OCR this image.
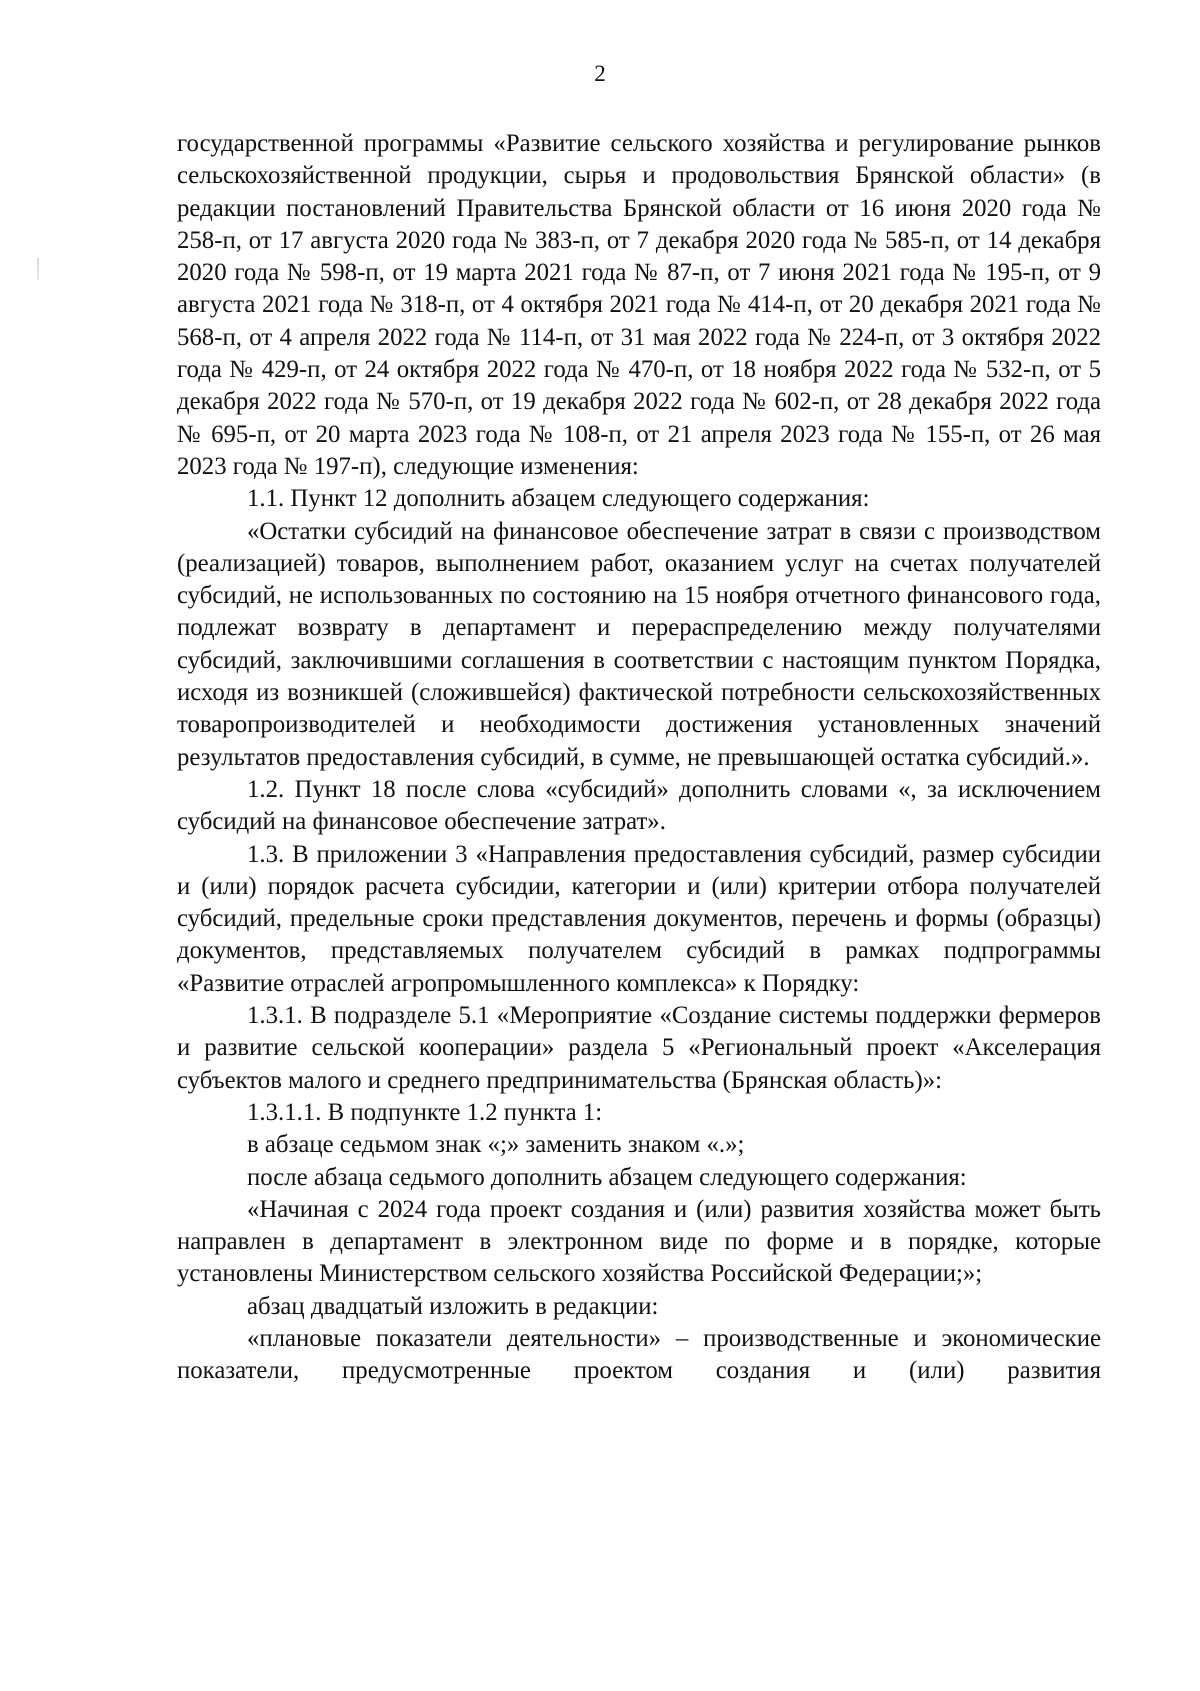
2

государственной программы «Развитие сельского хозяйства и регулирование рынков сельскохозяйственной продукции, сырья и продовольствия Брянской области» (в редакции постановлений Правительства Брянской области от 16 июня 2020 года № 258-п, от 17 августа 2020 года № 383-п, от 7 декабря 2020 года № 585-п, от 14 декабря 2020 года № 598-п, от 19 марта 2021 года № 87-п, от 7 июня 2021 года № 195-п, от 9 августа 2021 года № 318-п, от 4 октября 2021 года № 414-п, от 20 декабря 2021 года № 568-п, от 4 апреля 2022 года № 114-п, от 31 мая 2022 года № 224-п, от 3 октября 2022 года № 429-п, от 24 октября 2022 года № 470-п, от 18 ноября 2022 года № 532-п, от 5 декабря 2022 года № 570-п, от 19 декабря 2022 года № 602-п, от 28 декабря 2022 года № 695-п, от 20 марта 2023 года № 108-п, от 21 апреля 2023 года № 155-п, от 26 мая 2023 года № 197-п), следующие изменения:

1.1. Пункт 12 дополнить абзацем следующего содержания:

«Остатки субсидий на финансовое обеспечение затрат в связи с производством (реализацией) товаров, выполнением работ, оказанием услуг на счетах получателей субсидий, не использованных по состоянию на 15 ноября отчетного финансового года, подлежат возврату в департамент и перераспределению между получателями субсидий, заключившими соглашения в соответствии с настоящим пунктом Порядка, исходя из возникшей (сложившейся) фактической потребности сельскохозяйственных товаропроизводителей и необходимости достижения установленных значений результатов предоставления субсидий, в сумме, не превышающей остатка субсидий.».

1.2. Пункт 18 после слова «субсидий» дополнить словами «, за исключением субсидий на финансовое обеспечение затрат».

1.3. В приложении 3 «Направления предоставления субсидий, размер субсидии и (или) порядок расчета субсидии, категории и (или) критерии отбора получателей субсидий, предельные сроки представления документов, перечень и формы (образцы) документов, представляемых получателем субсидий в рамках подпрограммы «Развитие отраслей агропромышленного комплекса» к Порядку:

1.3.1. В подразделе 5.1 «Мероприятие «Создание системы поддержки фермеров и развитие сельской кооперации» раздела 5 «Региональный проект «Акселерация субъектов малого и среднего предпринимательства (Брянская область)»:

1.3.1.1. В подпункте 1.2 пункта 1:

в абзаце седьмом знак «;» заменить знаком «.»;

после абзаца седьмого дополнить абзацем следующего содержания:

«Начиная с 2024 года проект создания и (или) развития хозяйства может быть направлен в департамент в электронном виде по форме и в порядке, которые установлены Министерством сельского хозяйства Российской Федерации;»;

абзац двадцатый изложить в редакции:

«плановые показатели деятельности» – производственные и экономические показатели, предусмотренные проектом создания и (или) развития
